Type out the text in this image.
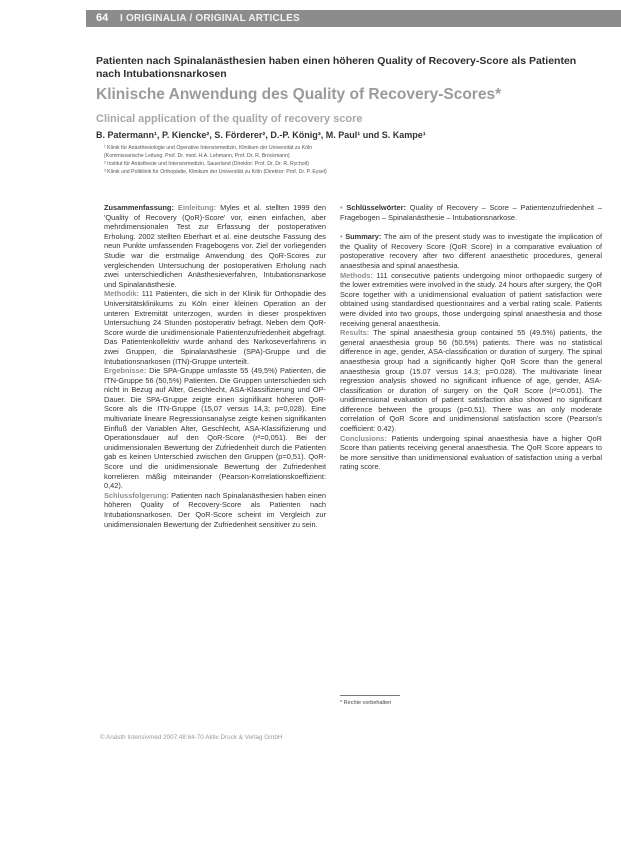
64 I ORIGINALIA / ORIGINAL ARTICLES
Patienten nach Spinalanästhesien haben einen höheren Quality of Recovery-Score als Patienten nach Intubationsnarkosen
Klinische Anwendung des Quality of Recovery-Scores*
Clinical application of the quality of recovery score
B. Patermann¹, P. Kiencke², S. Förderer², D.-P. König³, M. Paul¹ und S. Kampe¹
¹ Klinik für Anästhesiologie und Operative Intensivmedizin, Klinikum der Universität zu Köln
(Kommissarische Leitung: Prof. Dr. med. H.A. Lehmann, Prof. Dr. R. Brockmann)
² Institut für Anästhesie und Intensivmedizin, Sauerland (Direktor: Prof. Dr. Dr. R. Rycholt)
³ Klinik und Poliklinik für Orthopädie, Klinikum der Universität zu Köln (Direktor: Prof. Dr. P. Eysel)

Zusammenfassung: Einleitung: Myles et al. stellten 1999 den 'Quality of Recovery (QoR)-Score' vor, einen einfachen, aber mehrdimensionalen Test zur Erfassung der postoperativen Erholung. 2002 stellten Eberhart et al. eine deutsche Fassung des neun Punkte umfassenden Fragebogens vor. Ziel der vorliegenden Studie war die erstmalige Anwendung des QoR-Scores zur vergleichenden Untersuchung der postoperativen Erholung nach zwei unterschiedlichen Anästhesieverfahren, Intubationsnarkose und Spinalanästhesie.

Methodik: 111 Patienten, die sich in der Klinik für Orthopädie des Universitätsklinikums zu Köln einer kleinen Operation an der unteren Extremität unterzogen, wurden in dieser prospektiven Untersuchung 24 Stunden postoperativ befragt. Neben dem QoR-Score wurde die unidimensionale Patientenzufriedenheit abgefragt. Das Patientenkollektiv wurde anhand des Narkoseverfahrens in zwei Gruppen, die Spinalanästhesie (SPA)-Gruppe und die Intubationsnarkosen (ITN)-Gruppe unterteilt.

Ergebnisse: Die SPA-Gruppe umfasste 55 (49,5%) Patienten, die ITN-Gruppe 56 (50,5%) Patienten. Die Gruppen unterschieden sich nicht in Bezug auf Alter, Geschlecht, ASA-Klassifizierung und OP-Dauer. Die SPA-Gruppe zeigte einen signifikant höheren QoR-Score als die ITN-Gruppe (15,07 versus 14,3; p=0,028). Eine multivariate lineare Regressionsanalyse zeigte keinen signifikanten Einfluß der Variablen Alter, Geschlecht, ASA-Klassifizierung und Operationsdauer auf den QoR-Score (r²=0,051). Bei der unidimensionalen Bewertung der Zufriedenheit durch die Patienten gab es keinen Unterschied zwischen den Gruppen (p=0,51). QoR-Score und die unidimensionale Bewertung der Zufriedenheit korrelieren mäßig miteinander (Pearson-Korrelationskoeffizient: 0,42).

Schlussfolgerung: Patienten nach Spinalanästhesien haben einen höheren Quality of Recovery-Score als Patienten nach Intubationsnarkosen. Der QoR-Score scheint im Vergleich zur unidimensionalen Bewertung der Zufriedenheit sensitiver zu sein.

• Schlüsselwörter: Quality of Recovery – Score – Patientenzufriedenheit – Fragebogen – Spinalanästhesie – Intubationsnarkose.

• Summary: The aim of the present study was to investigate the implication of the Quality of Recovery Score (QoR Score) in a comparative evaluation of postoperative recovery after two different anaesthetic procedures, general anaesthesia and spinal anaesthesia.

Methods: 111 consecutive patients undergoing minor orthopaedic surgery of the lower extremities were involved in the study. 24 hours after surgery, the QoR Score together with a unidimensional evaluation of patient satisfaction were obtained using standardised questionnaires and a verbal rating scale. Patients were divided into two groups, those undergoing spinal anaesthesia and those receiving general anaesthesia.

Results: The spinal anaesthesia group contained 55 (49.5%) patients, the general anaesthesia group 56 (50.5%) patients. There was no statistical difference in age, gender, ASA-classification or duration of surgery. The spinal anaesthesia group had a significantly higher QoR Score than the general anaesthesia group (15.07 versus 14.3; p=0.028). The multivariate linear regression analysis showed no significant influence of age, gender, ASA-classification or duration of surgery on the QoR Score (r²=0.051). The unidimensional evaluation of patient satisfaction also showed no significant difference between the groups (p=0.51). There was an only moderate correlation of QoR Score and unidimensional satisfaction score (Pearson's coefficient: 0.42).

Conclusions: Patients undergoing spinal anaesthesia have a higher QoR Score than patients receiving general anaesthesia. The QoR Score appears to be more sensitive than unidimensional evaluation of satisfaction using a verbal rating score.

* Rechte vorbehalten
© Anästh Intensivmed 2007;48:64-70 Aktiv Druck & Verlag GmbH
